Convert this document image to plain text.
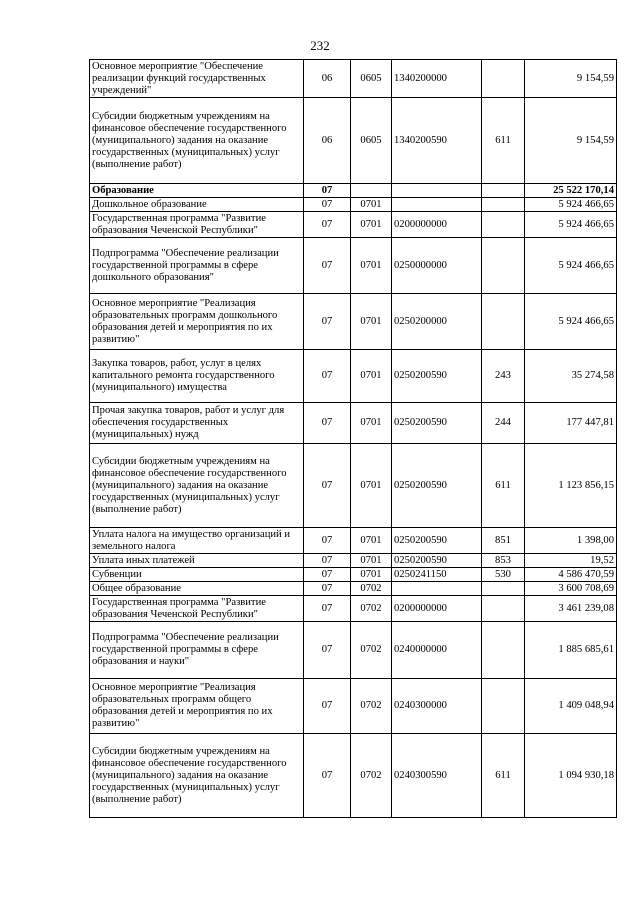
232
Основное мероприятие "Обеспечение реализации функций государственных учреждений"	06	0605	1340200000		9 154,59
Субсидии бюджетным учреждениям на финансовое обеспечение государственного (муниципального) задания на оказание государственных (муниципальных) услуг (выполнение работ)	06	0605	1340200590	611	9 154,59
Образование	07				25 522 170,14
Дошкольное образование	07	0701			5 924 466,65
Государственная программа "Развитие образования Чеченской Республики"	07	0701	0200000000		5 924 466,65
Подпрограмма "Обеспечение реализации государственной программы в сфере дошкольного образования"	07	0701	0250000000		5 924 466,65
Основное мероприятие "Реализация образовательных программ дошкольного образования детей и мероприятия по их развитию"	07	0701	0250200000		5 924 466,65
Закупка товаров, работ, услуг в целях капитального ремонта государственного (муниципального) имущества	07	0701	0250200590	243	35 274,58
Прочая закупка товаров, работ и услуг для обеспечения государственных (муниципальных) нужд	07	0701	0250200590	244	177 447,81
Субсидии бюджетным учреждениям на финансовое обеспечение государственного (муниципального) задания на оказание государственных (муниципальных) услуг (выполнение работ)	07	0701	0250200590	611	1 123 856,15
Уплата налога на имущество организаций и земельного налога	07	0701	0250200590	851	1 398,00
Уплата иных платежей	07	0701	0250200590	853	19,52
Субвенции	07	0701	0250241150	530	4 586 470,59
Общее образование	07	0702			3 600 708,69
Государственная программа "Развитие образования Чеченской Республики"	07	0702	0200000000		3 461 239,08
Подпрограмма "Обеспечение реализации государственной программы в сфере образования и науки"	07	0702	0240000000		1 885 685,61
Основное мероприятие "Реализация образовательных программ общего образования детей и мероприятия по их развитию"	07	0702	0240300000		1 409 048,94
Субсидии бюджетным учреждениям на финансовое обеспечение государственного (муниципального) задания на оказание государственных (муниципальных) услуг (выполнение работ)	07	0702	0240300590	611	1 094 930,18
